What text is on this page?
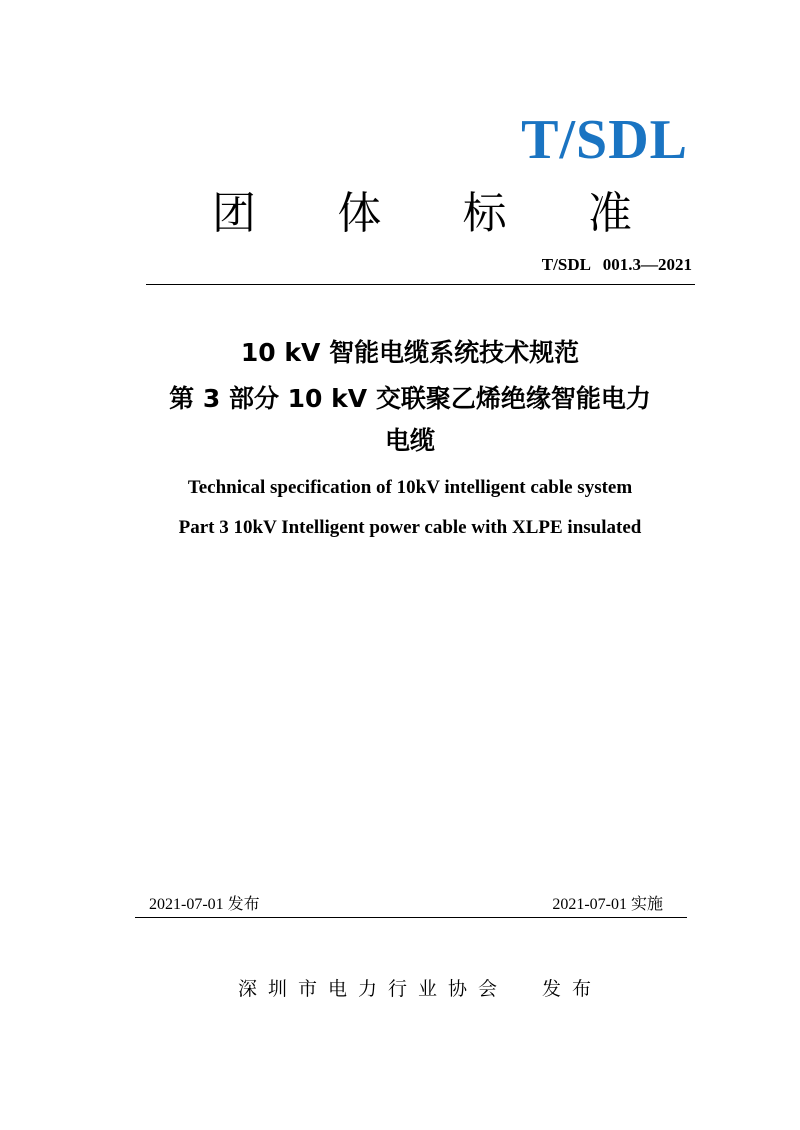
T/SDL
团 体 标 准
T/SDL   001.3—2021
10 kV 智能电缆系统技术规范
第 3 部分 10 kV 交联聚乙烯绝缘智能电力
电缆
Technical specification of 10kV intelligent cable system
Part 3 10kV Intelligent power cable with XLPE insulated
2021-07-01 发布	2021-07-01 实施
深圳市电力行业协会  发布
